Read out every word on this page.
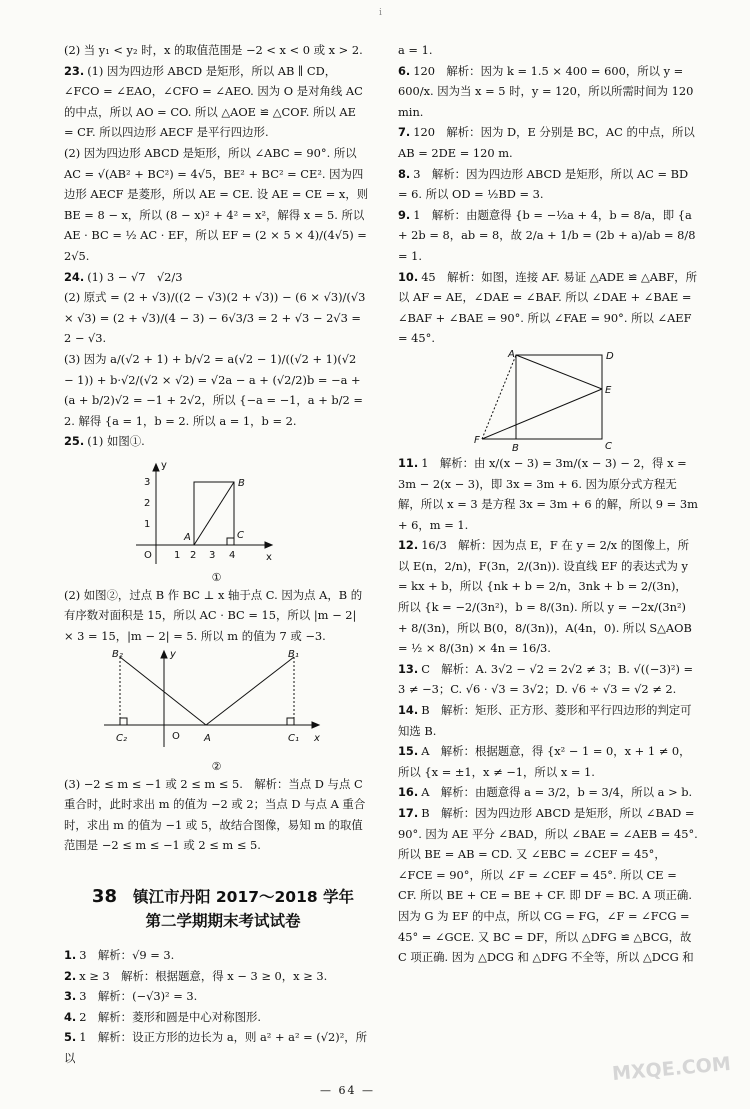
i

(2) 当 y₁ < y₂ 时，x 的取值范围是 −2 < x < 0 或 x > 2.

23. (1) 因为四边形 ABCD 是矩形，所以 AB ∥ CD，∠FCO = ∠EAO，∠CFO = ∠AEO. 因为 O 是对角线 AC 的中点，所以 AO = CO. 所以 △AOE ≌ △COF. 所以 AE = CF. 所以四边形 AECF 是平行四边形.

(2) 因为四边形 ABCD 是矩形，所以 ∠ABC = 90°. 所以 AC = √(AB² + BC²) = 4√5，BE² + BC² = CE². 因为四边形 AECF 是菱形，所以 AE = CE. 设 AE = CE = x，则 BE = 8 − x，所以 (8 − x)² + 4² = x²，解得 x = 5. 所以 AE · BC = ½ AC · EF，所以 EF = (2 × 5 × 4)/(4√5) = 2√5.

24. (1) 3 − √7　√2/3

(2) 原式 = (2 + √3)/((2 − √3)(2 + √3)) − (6 × √3)/(√3 × √3) = (2 + √3)/(4 − 3) − 6√3/3 = 2 + √3 − 2√3 = 2 − √3.

(3) 因为 a/(√2 + 1) + b/√2 = a(√2 − 1)/((√2 + 1)(√2 − 1)) + b·√2/(√2 × √2) = √2a − a + (√2/2)b = −a + (a + b/2)√2 = −1 + 2√2，所以 {−a = −1，a + b/2 = 2. 解得 {a = 1，b = 2. 所以 a = 1，b = 2.

25. (1) 如图①.

y
x
O 1 2 3 4
1
2
3
A
B
C
①

(2) 如图②，过点 B 作 BC ⊥ x 轴于点 C. 因为点 A，B 的有序数对面积是 15，所以 AC · BC = 15，所以 |m − 2| × 3 = 15，|m − 2| = 5. 所以 m 的值为 7 或 −3.

y
x
O A
B₂	B₁
C₂	C₁
②

(3) −2 ≤ m ≤ −1 或 2 ≤ m ≤ 5.　解析：当点 D 与点 C 重合时，此时求出 m 的值为 −2 或 2；当点 D 与点 A 重合时，求出 m 的值为 −1 或 5，故结合图像，易知 m 的取值范围是 −2 ≤ m ≤ −1 或 2 ≤ m ≤ 5.

38 镇江市丹阳 2017～2018 学年
第二学期期末考试试卷

1. 3　解析：√9 = 3.

2. x ≥ 3　解析：根据题意，得 x − 3 ≥ 0，x ≥ 3.

3. 3　解析：(−√3)² = 3.

4. 2　解析：菱形和圆是中心对称图形.

5. 1　解析：设正方形的边长为 a，则 a² + a² = (√2)²，所以

a = 1.

6. 120　解析：因为 k = 1.5 × 400 = 600，所以 y = 600/x. 因为当 x = 5 时，y = 120，所以所需时间为 120 min.

7. 120　解析：因为 D，E 分别是 BC，AC 的中点，所以 AB = 2DE = 120 m.

8. 3　解析：因为四边形 ABCD 是矩形，所以 AC = BD = 6. 所以 OD = ½BD = 3.

9. 1　解析：由题意得 {b = −½a + 4，b = 8/a，即 {a + 2b = 8，ab = 8，故 2/a + 1/b = (2b + a)/ab = 8/8 = 1.

10. 45　解析：如图，连接 AF. 易证 △ADE ≌ △ABF，所以 AF = AE，∠DAE = ∠BAF. 所以 ∠DAE + ∠BAE = ∠BAF + ∠BAE = 90°. 所以 ∠FAE = 90°. 所以 ∠AEF = 45°.

A	D
E
F
B	C

11. 1　解析：由 x/(x − 3) = 3m/(x − 3) − 2，得 x = 3m − 2(x − 3)，即 3x = 3m + 6. 因为原分式方程无解，所以 x = 3 是方程 3x = 3m + 6 的解，所以 9 = 3m + 6，m = 1.

12. 16/3　解析：因为点 E，F 在 y = 2/x 的图像上，所以 E(n，2/n)，F(3n，2/(3n)). 设直线 EF 的表达式为 y = kx + b，所以 {nk + b = 2/n，3nk + b = 2/(3n)，所以 {k = −2/(3n²)，b = 8/(3n). 所以 y = −2x/(3n²) + 8/(3n)，所以 B(0，8/(3n))，A(4n，0). 所以 S△AOB = ½ × 8/(3n) × 4n = 16/3.

13. C　解析：A. 3√2 − √2 = 2√2 ≠ 3；B. √((−3)²) = 3 ≠ −3；C. √6 · √3 = 3√2；D. √6 ÷ √3 = √2 ≠ 2.

14. B　解析：矩形、正方形、菱形和平行四边形的判定可知选 B.

15. A　解析：根据题意，得 {x² − 1 = 0，x + 1 ≠ 0，所以 {x = ±1，x ≠ −1，所以 x = 1.

16. A　解析：由题意得 a = 3/2，b = 3/4，所以 a > b.

17. B　解析：因为四边形 ABCD 是矩形，所以 ∠BAD = 90°. 因为 AE 平分 ∠BAD，所以 ∠BAE = ∠AEB = 45°. 所以 BE = AB = CD. 又 ∠EBC = ∠CEF = 45°，∠FCE = 90°，所以 ∠F = ∠CEF = 45°. 所以 CE = CF. 所以 BE + CE = BE + CF. 即 DF = BC. A 项正确. 因为 G 为 EF 的中点，所以 CG = FG，∠F = ∠FCG = 45° = ∠GCE. 又 BC = DF，所以 △DFG ≌ △BCG，故 C 项正确. 因为 △DCG 和 △DFG 不全等，所以 △DCG 和

— 64 —
MXQE.COM
